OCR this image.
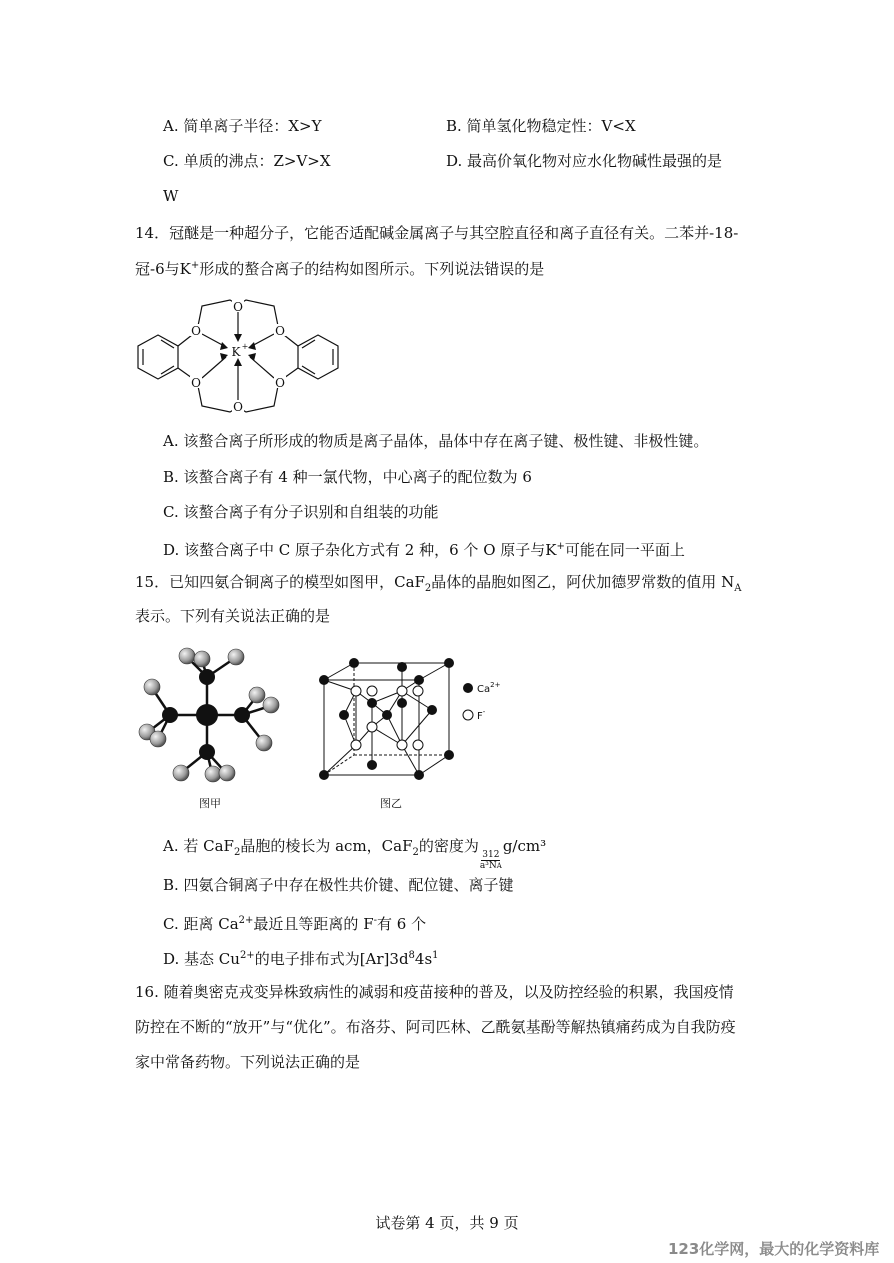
A. 简单离子半径：X>Y	B. 简单氢化物稳定性：V<X
C. 单质的沸点：Z>V>X	D. 最高价氧化物对应水化物碱性最强的是
W
14．冠醚是一种超分子，它能否适配碱金属离子与其空腔直径和离子直径有关。二苯并-18-
冠-6与K+形成的螯合离子的结构如图所示。下列说法错误的是
O
O
O
O
O
O
K +
A. 该螯合离子所形成的物质是离子晶体，晶体中存在离子键、极性键、非极性键。
B. 该螯合离子有 4 种一氯代物，中心离子的配位数为 6
C. 该螯合离子有分子识别和自组装的功能
D. 该螯合离子中 C 原子杂化方式有 2 种，6 个 O 原子与K+可能在同一平面上
15．已知四氨合铜离子的模型如图甲，CaF$_2$晶体的晶胞如图乙，阿伏加德罗常数的值用 $N_A$
表示。下列有关说法正确的是
图甲
$Ca^{2+}$
F-
图乙
A. 若 CaF$_2$晶胞的棱长为 acm，CaF$_2$的密度为
$\frac{312}{\text{a³NA}}$
g/cm³
B. 四氨合铜离子中存在极性共价键、配位键、离子键
C. 距离 $Ca^{2+}$最近且等距离的 F-有 6 个
D. 基态 $Cu^{2+}$的电子排布式为$[Ar]3d^84s^1$
16. 随着奥密克戎变异株致病性的减弱和疫苗接种的普及，以及防控经验的积累，我国疫情
防控在不断的“放开”与“优化”。布洛芬、阿司匹林、乙酰氨基酚等解热镇痛药成为自我防疫
家中常备药物。下列说法正确的是
试卷第 4 页，共 9 页
123化学网，最大的化学资料库
